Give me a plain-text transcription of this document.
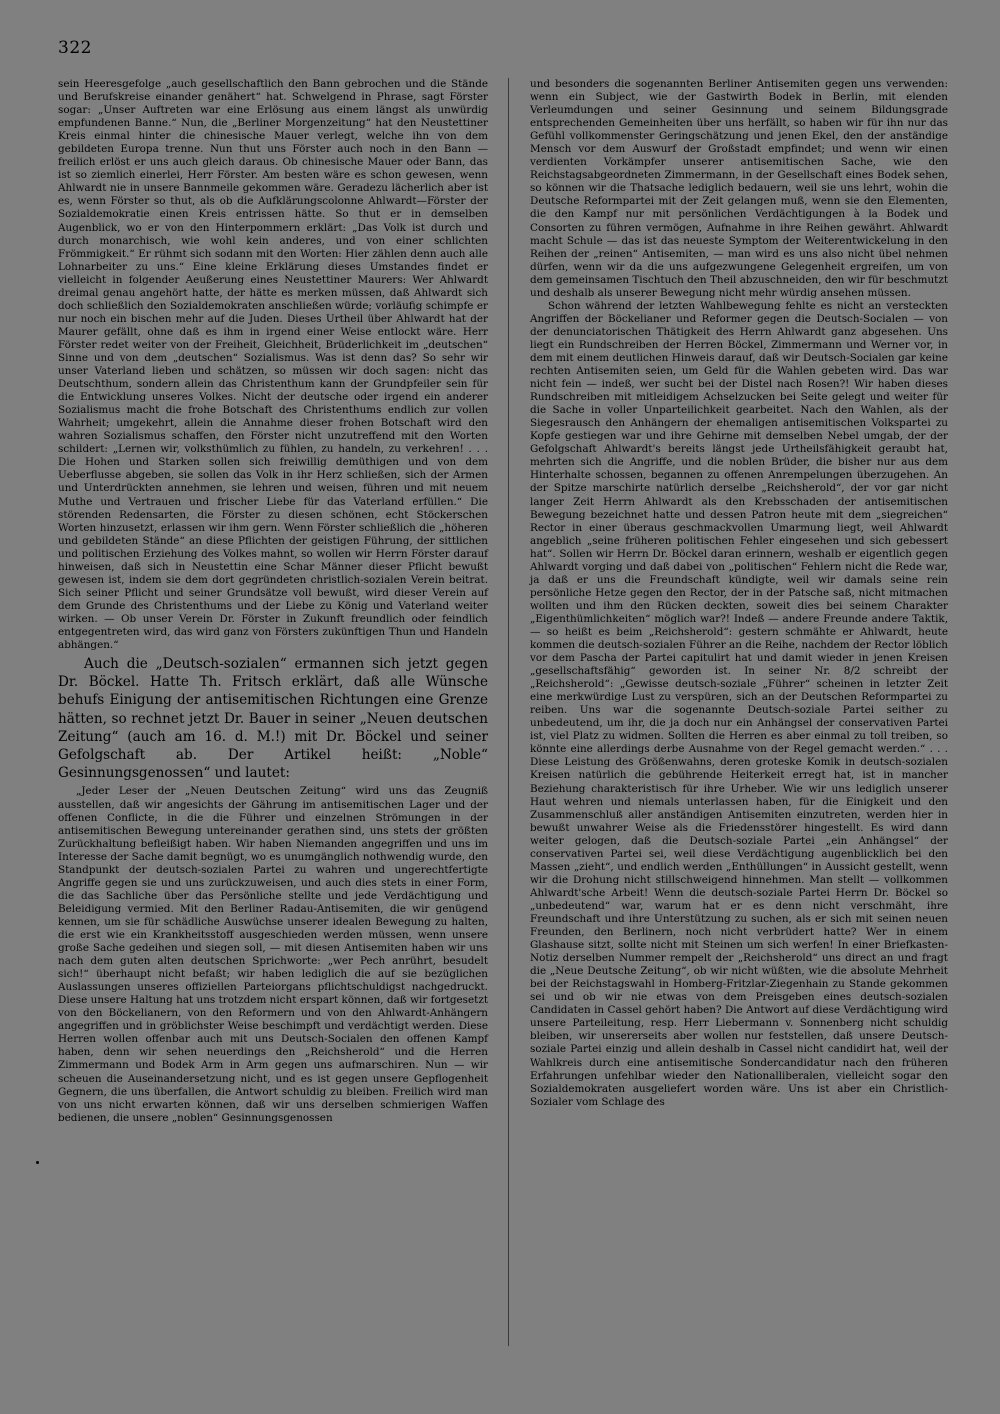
322

sein Heeresgefolge „auch gesellschaftlich den Bann gebrochen und die Stände und Berufskreise einander genähert“ hat. Schwelgend in Phrase, sagt Förster sogar: „Unser Auftreten war eine Erlösung aus einem längst als unwürdig empfundenen Banne.“ Nun, die „Berliner Morgenzeitung“ hat den Neustettiner Kreis einmal hinter die chinesische Mauer verlegt, welche ihn von dem gebildeten Europa trenne. Nun thut uns Förster auch noch in den Bann — freilich erlöst er uns auch gleich daraus. Ob chinesische Mauer oder Bann, das ist so ziemlich einerlei, Herr Förster. Am besten wäre es schon gewesen, wenn Ahlwardt nie in unsere Bannmeile gekommen wäre. Geradezu lächerlich aber ist es, wenn Förster so thut, als ob die Aufklärungscolonne Ahlwardt—Förster der Sozialdemokratie einen Kreis entrissen hätte. So thut er in demselben Augenblick, wo er von den Hinterpommern erklärt: „Das Volk ist durch und durch monarchisch, wie wohl kein anderes, und von einer schlichten Frömmigkeit.“ Er rühmt sich sodann mit den Worten: Hier zählen denn auch alle Lohnarbeiter zu uns.“ Eine kleine Erklärung dieses Umstandes findet er vielleicht in folgender Aeußerung eines Neustettiner Maurers: Wer Ahlwardt dreimal genau angehört hatte, der hätte es merken müssen, daß Ahlwardt sich doch schließlich den Sozialdemokraten anschließen würde; vorläufig schimpfe er nur noch ein bischen mehr auf die Juden. Dieses Urtheil über Ahlwardt hat der Maurer gefällt, ohne daß es ihm in irgend einer Weise entlockt wäre. Herr Förster redet weiter von der Freiheit, Gleichheit, Brüderlichkeit im „deutschen“ Sinne und von dem „deutschen“ Sozialismus. Was ist denn das? So sehr wir unser Vaterland lieben und schätzen, so müssen wir doch sagen: nicht das Deutschthum, sondern allein das Christenthum kann der Grundpfeiler sein für die Entwicklung unseres Volkes. Nicht der deutsche oder irgend ein anderer Sozialismus macht die frohe Botschaft des Christenthums endlich zur vollen Wahrheit; umgekehrt, allein die Annahme dieser frohen Botschaft wird den wahren Sozialismus schaffen, den Förster nicht unzutreffend mit den Worten schildert: „Lernen wir, volksthümlich zu fühlen, zu handeln, zu verkehren! . . . Die Hohen und Starken sollen sich freiwillig demüthigen und von dem Ueberflusse abgeben, sie sollen das Volk in ihr Herz schließen, sich der Armen und Unterdrückten annehmen, sie lehren und weisen, führen und mit neuem Muthe und Vertrauen und frischer Liebe für das Vaterland erfüllen.“ Die störenden Redensarten, die Förster zu diesen schönen, echt Stöckerschen Worten hinzusetzt, erlassen wir ihm gern. Wenn Förster schließlich die „höheren und gebildeten Stände“ an diese Pflichten der geistigen Führung, der sittlichen und politischen Erziehung des Volkes mahnt, so wollen wir Herrn Förster darauf hinweisen, daß sich in Neustettin eine Schar Männer dieser Pflicht bewußt gewesen ist, indem sie dem dort gegründeten christlich-sozialen Verein beitrat. Sich seiner Pflicht und seiner Grundsätze voll bewußt, wird dieser Verein auf dem Grunde des Christenthums und der Liebe zu König und Vaterland weiter wirken. — Ob unser Verein Dr. Förster in Zukunft freundlich oder feindlich entgegentreten wird, das wird ganz von Försters zukünftigen Thun und Handeln abhängen.“

Auch die „Deutsch-sozialen“ ermannen sich jetzt gegen Dr. Böckel. Hatte Th. Fritsch erklärt, daß alle Wünsche behufs Einigung der antisemitischen Richtungen eine Grenze hätten, so rechnet jetzt Dr. Bauer in seiner „Neuen deutschen Zeitung“ (auch am 16. d. M.!) mit Dr. Böckel und seiner Gefolgschaft ab. Der Artikel heißt: „Noble“ Gesinnungsgenossen“ und lautet:

„Jeder Leser der „Neuen Deutschen Zeitung“ wird uns das Zeugniß ausstellen, daß wir angesichts der Gährung im antisemitischen Lager und der offenen Conflicte, in die die Führer und einzelnen Strömungen in der antisemitischen Bewegung untereinander gerathen sind, uns stets der größten Zurückhaltung befleißigt haben. Wir haben Niemanden angegriffen und uns im Interesse der Sache damit begnügt, wo es unumgänglich nothwendig wurde, den Standpunkt der deutsch-sozialen Partei zu wahren und ungerechtfertigte Angriffe gegen sie und uns zurückzuweisen, und auch dies stets in einer Form, die das Sachliche über das Persönliche stellte und jede Verdächtigung und Beleidigung vermied. Mit den Berliner Radau-Antisemiten, die wir genügend kennen, um sie für schädliche Auswüchse unserer idealen Bewegung zu halten, die erst wie ein Krankheitsstoff ausgeschieden werden müssen, wenn unsere große Sache gedeihen und siegen soll, — mit diesen Antisemiten haben wir uns nach dem guten alten deutschen Sprichworte: „wer Pech anrührt, besudelt sich!“ überhaupt nicht befaßt; wir haben lediglich die auf sie bezüglichen Auslassungen unseres offiziellen Parteiorgans pflichtschuldigst nachgedruckt. Diese unsere Haltung hat uns trotzdem nicht erspart können, daß wir fortgesetzt von den Böckelianern, von den Reformern und von den Ahlwardt-Anhängern angegriffen und in gröblichster Weise beschimpft und verdächtigt werden. Diese Herren wollen offenbar auch mit uns Deutsch-Socialen den offenen Kampf haben, denn wir sehen neuerdings den „Reichsherold“ und die Herren Zimmermann und Bodek Arm in Arm gegen uns aufmarschiren. Nun — wir scheuen die Auseinandersetzung nicht, und es ist gegen unsere Gepflogenheit Gegnern, die uns überfallen, die Antwort schuldig zu bleiben. Freilich wird man von uns nicht erwarten können, daß wir uns derselben schmierigen Waffen bedienen, die unsere „noblen“ Gesinnungsgenossen

und besonders die sogenannten Berliner Antisemiten gegen uns verwenden: wenn ein Subject, wie der Gastwirth Bodek in Berlin, mit elenden Verleumdungen und seiner Gesinnung und seinem Bildungsgrade entsprechenden Gemeinheiten über uns herfällt, so haben wir für ihn nur das Gefühl vollkommenster Geringschätzung und jenen Ekel, den der anständige Mensch vor dem Auswurf der Großstadt empfindet; und wenn wir einen verdienten Vorkämpfer unserer antisemitischen Sache, wie den Reichstagsabgeordneten Zimmermann, in der Gesellschaft eines Bodek sehen, so können wir die Thatsache lediglich bedauern, weil sie uns lehrt, wohin die Deutsche Reformpartei mit der Zeit gelangen muß, wenn sie den Elementen, die den Kampf nur mit persönlichen Verdächtigungen à la Bodek und Consorten zu führen vermögen, Aufnahme in ihre Reihen gewährt. Ahlwardt macht Schule — das ist das neueste Symptom der Weiterentwickelung in den Reihen der „reinen“ Antisemiten, — man wird es uns also nicht übel nehmen dürfen, wenn wir da die uns aufgezwungene Gelegenheit ergreifen, um von dem gemeinsamen Tischtuch den Theil abzuschneiden, den wir für beschmutzt und deshalb als unserer Bewegung nicht mehr würdig ansehen müssen.

Schon während der letzten Wahlbewegung fehlte es nicht an versteckten Angriffen der Böckelianer und Reformer gegen die Deutsch-Socialen — von der denunciatorischen Thätigkeit des Herrn Ahlwardt ganz abgesehen. Uns liegt ein Rundschreiben der Herren Böckel, Zimmermann und Werner vor, in dem mit einem deutlichen Hinweis darauf, daß wir Deutsch-Socialen gar keine rechten Antisemiten seien, um Geld für die Wahlen gebeten wird. Das war nicht fein — indeß, wer sucht bei der Distel nach Rosen?! Wir haben dieses Rundschreiben mit mitleidigem Achselzucken bei Seite gelegt und weiter für die Sache in voller Unparteilichkeit gearbeitet. Nach den Wahlen, als der Siegesrausch den Anhängern der ehemaligen antisemitischen Volkspartei zu Kopfe gestiegen war und ihre Gehirne mit demselben Nebel umgab, der der Gefolgschaft Ahlwardt's bereits längst jede Urtheilsfähigkeit geraubt hat, mehrten sich die Angriffe, und die noblen Brüder, die bisher nur aus dem Hinterhalte schossen, begannen zu offenen Anrempelungen überzugehen. An der Spitze marschirte natürlich derselbe „Reichsherold“, der vor gar nicht langer Zeit Herrn Ahlwardt als den Krebsschaden der antisemitischen Bewegung bezeichnet hatte und dessen Patron heute mit dem „siegreichen“ Rector in einer überaus geschmackvollen Umarmung liegt, weil Ahlwardt angeblich „seine früheren politischen Fehler eingesehen und sich gebessert hat“. Sollen wir Herrn Dr. Böckel daran erinnern, weshalb er eigentlich gegen Ahlwardt vorging und daß dabei von „politischen“ Fehlern nicht die Rede war, ja daß er uns die Freundschaft kündigte, weil wir damals seine rein persönliche Hetze gegen den Rector, der in der Patsche saß, nicht mitmachen wollten und ihm den Rücken deckten, soweit dies bei seinem Charakter „Eigenthümlichkeiten“ möglich war?! Indeß — andere Freunde andere Taktik, — so heißt es beim „Reichsherold“: gestern schmähte er Ahlwardt, heute kommen die deutsch-sozialen Führer an die Reihe, nachdem der Rector löblich vor dem Pascha der Partei capitulirt hat und damit wieder in jenen Kreisen „gesellschaftsfähig“ geworden ist. In seiner Nr. 8/2 schreibt der „Reichsherold“: „Gewisse deutsch-soziale „Führer“ scheinen in letzter Zeit eine merkwürdige Lust zu verspüren, sich an der Deutschen Reformpartei zu reiben. Uns war die sogenannte Deutsch-soziale Partei seither zu unbedeutend, um ihr, die ja doch nur ein Anhängsel der conservativen Partei ist, viel Platz zu widmen. Sollten die Herren es aber einmal zu toll treiben, so könnte eine allerdings derbe Ausnahme von der Regel gemacht werden.“ . . . Diese Leistung des Größenwahns, deren groteske Komik in deutsch-sozialen Kreisen natürlich die gebührende Heiterkeit erregt hat, ist in mancher Beziehung charakteristisch für ihre Urheber. Wie wir uns lediglich unserer Haut wehren und niemals unterlassen haben, für die Einigkeit und den Zusammenschluß aller anständigen Antisemiten einzutreten, werden hier in bewußt unwahrer Weise als die Friedensstörer hingestellt. Es wird dann weiter gelogen, daß die Deutsch-soziale Partei „ein Anhängsel“ der conservativen Partei sei, weil diese Verdächtigung augenblicklich bei den Massen „zieht“, und endlich werden „Enthüllungen“ in Aussicht gestellt, wenn wir die Drohung nicht stillschweigend hinnehmen. Man stellt — vollkommen Ahlwardt'sche Arbeit! Wenn die deutsch-soziale Partei Herrn Dr. Böckel so „unbedeutend“ war, warum hat er es denn nicht verschmäht, ihre Freundschaft und ihre Unterstützung zu suchen, als er sich mit seinen neuen Freunden, den Berlinern, noch nicht verbrüdert hatte? Wer in einem Glashause sitzt, sollte nicht mit Steinen um sich werfen! In einer Briefkasten-Notiz derselben Nummer rempelt der „Reichsherold“ uns direct an und fragt die „Neue Deutsche Zeitung“, ob wir nicht wüßten, wie die absolute Mehrheit bei der Reichstagswahl in Homberg-Fritzlar-Ziegenhain zu Stande gekommen sei und ob wir nie etwas von dem Preisgeben eines deutsch-sozialen Candidaten in Cassel gehört haben? Die Antwort auf diese Verdächtigung wird unsere Parteileitung, resp. Herr Liebermann v. Sonnenberg nicht schuldig bleiben, wir unsererseits aber wollen nur feststellen, daß unsere Deutsch-soziale Partei einzig und allein deshalb in Cassel nicht candidirt hat, weil der Wahlkreis durch eine antisemitische Sondercandidatur nach den früheren Erfahrungen unfehlbar wieder den Nationalliberalen, vielleicht sogar den Sozialdemokraten ausgeliefert worden wäre. Uns ist aber ein Christlich-Sozialer vom Schlage des
